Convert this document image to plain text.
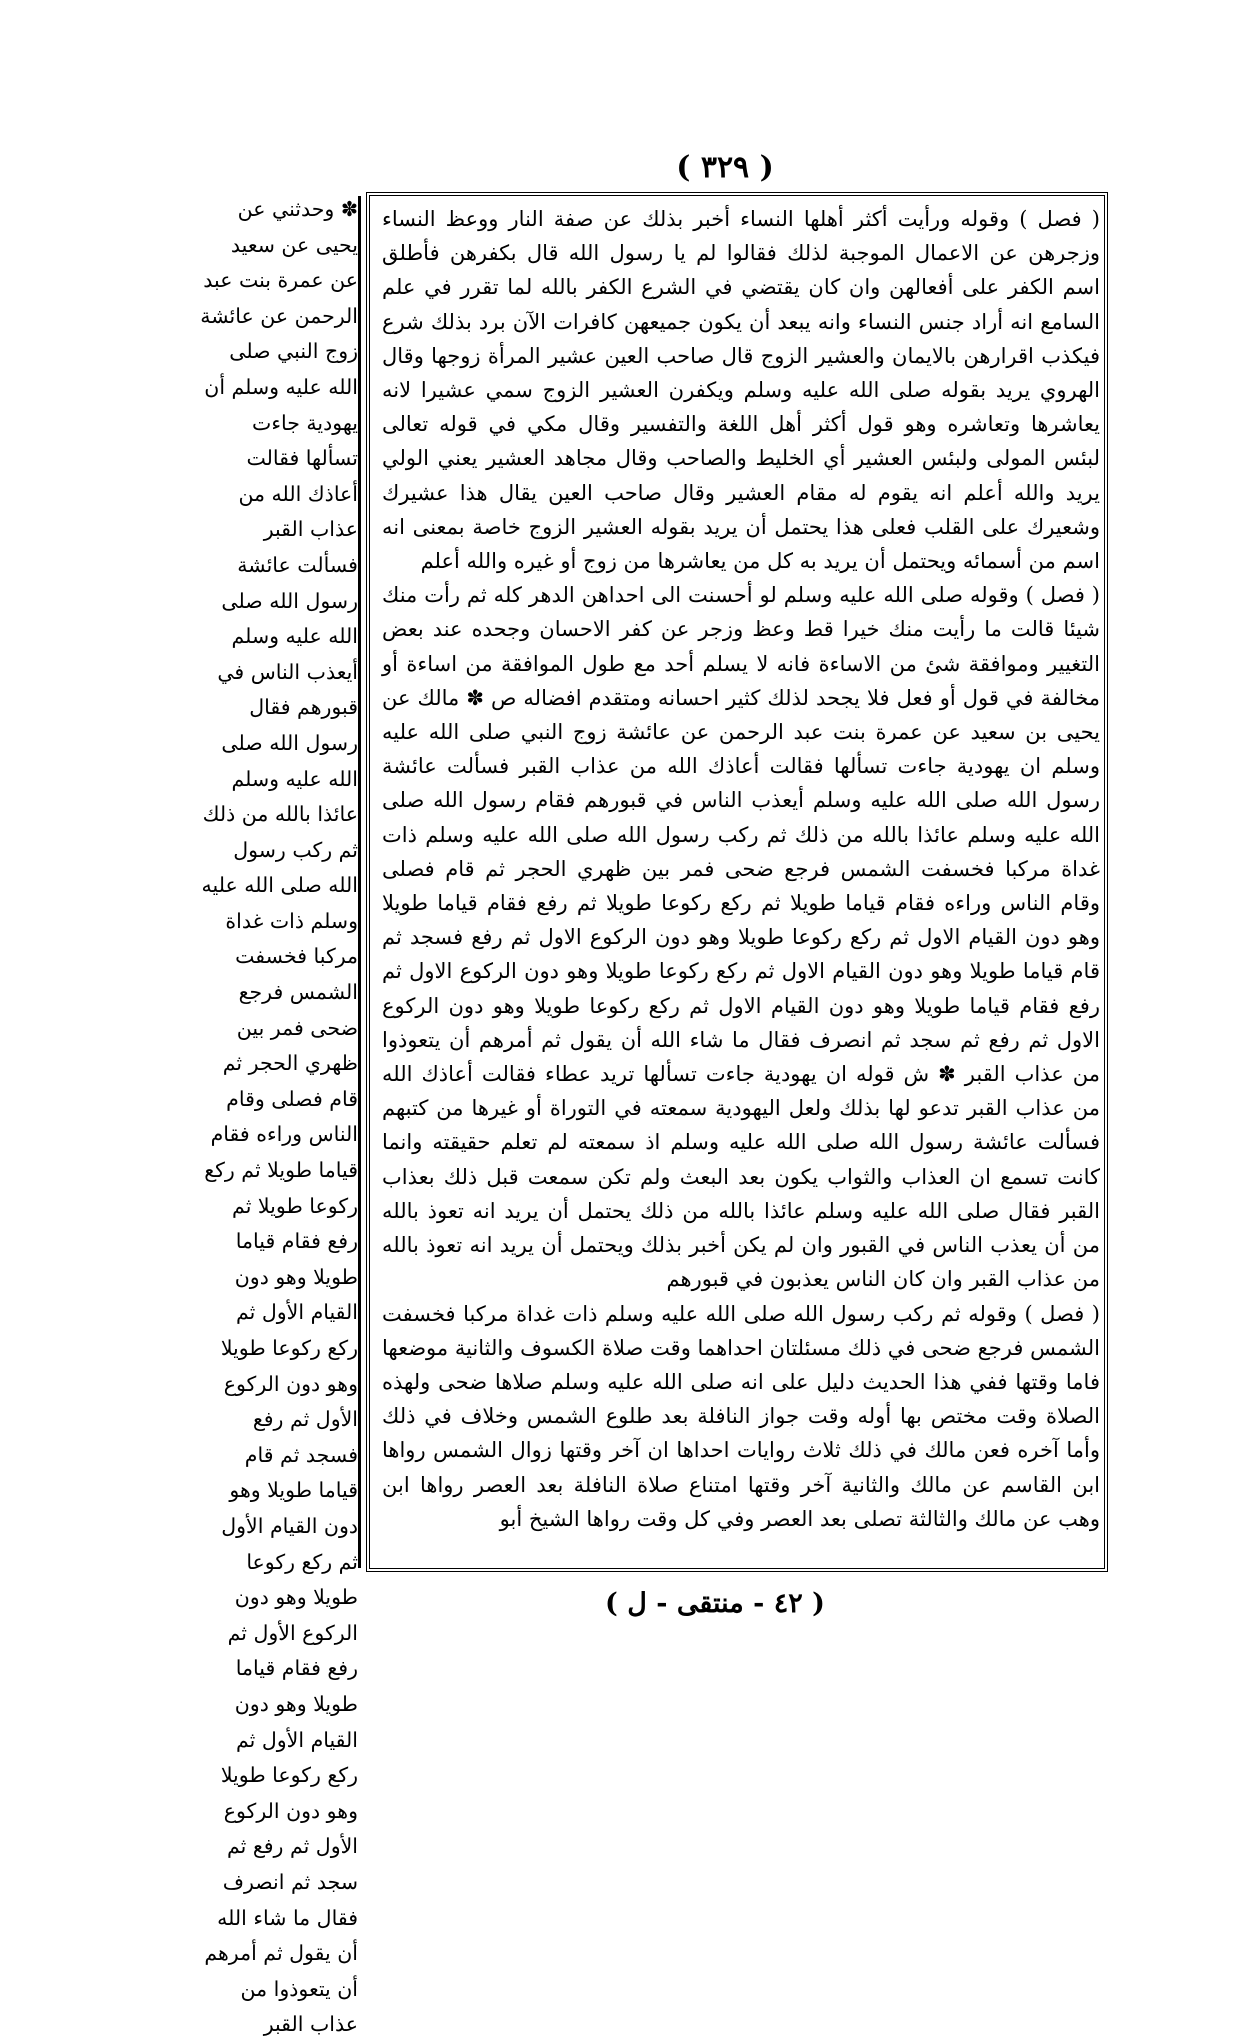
( ٣٢٩ )

( فصل ) وقوله ورأيت أكثر أهلها النساء أخبر بذلك عن صفة النار ووعظ النساء وزجرهن عن الاعمال الموجبة لذلك فقالوا لم يا رسول الله قال بكفرهن فأطلق اسم الكفر على أفعالهن وان كان يقتضي في الشرع الكفر بالله لما تقرر في علم السامع انه أراد جنس النساء وانه يبعد أن يكون جميعهن كافرات الآن برد بذلك شرع فيكذب اقرارهن بالايمان والعشير الزوج قال صاحب العين عشير المرأة زوجها وقال الهروي يريد بقوله صلى الله عليه وسلم ويكفرن العشير الزوج سمي عشيرا لانه يعاشرها وتعاشره وهو قول أكثر أهل اللغة والتفسير وقال مكي في قوله تعالى لبئس المولى ولبئس العشير أي الخليط والصاحب وقال مجاهد العشير يعني الولي يريد والله أعلم انه يقوم له مقام العشير وقال صاحب العين يقال هذا عشيرك وشعيرك على القلب فعلى هذا يحتمل أن يريد بقوله العشير الزوج خاصة بمعنى انه اسم من أسمائه ويحتمل أن يريد به كل من يعاشرها من زوج أو غيره والله أعلم

( فصل ) وقوله صلى الله عليه وسلم لو أحسنت الى احداهن الدهر كله ثم رأت منك شيئا قالت ما رأيت منك خيرا قط وعظ وزجر عن كفر الاحسان وجحده عند بعض التغيير وموافقة شئ من الاساءة فانه لا يسلم أحد مع طول الموافقة من اساءة أو مخالفة في قول أو فعل فلا يجحد لذلك كثير احسانه ومتقدم افضاله ص ✽ مالك عن يحيى بن سعيد عن عمرة بنت عبد الرحمن عن عائشة زوج النبي صلى الله عليه وسلم ان يهودية جاءت تسألها فقالت أعاذك الله من عذاب القبر فسألت عائشة رسول الله صلى الله عليه وسلم أيعذب الناس في قبورهم فقام رسول الله صلى الله عليه وسلم عائذا بالله من ذلك ثم ركب رسول الله صلى الله عليه وسلم ذات غداة مركبا فخسفت الشمس فرجع ضحى فمر بين ظهري الحجر ثم قام فصلى وقام الناس وراءه فقام قياما طويلا ثم ركع ركوعا طويلا ثم رفع فقام قياما طويلا وهو دون القيام الاول ثم ركع ركوعا طويلا وهو دون الركوع الاول ثم رفع فسجد ثم قام قياما طويلا وهو دون القيام الاول ثم ركع ركوعا طويلا وهو دون الركوع الاول ثم رفع فقام قياما طويلا وهو دون القيام الاول ثم ركع ركوعا طويلا وهو دون الركوع الاول ثم رفع ثم سجد ثم انصرف فقال ما شاء الله أن يقول ثم أمرهم أن يتعوذوا من عذاب القبر ✽ ش قوله ان يهودية جاءت تسألها تريد عطاء فقالت أعاذك الله من عذاب القبر تدعو لها بذلك ولعل اليهودية سمعته في التوراة أو غيرها من كتبهم فسألت عائشة رسول الله صلى الله عليه وسلم اذ سمعته لم تعلم حقيقته وانما كانت تسمع ان العذاب والثواب يكون بعد البعث ولم تكن سمعت قبل ذلك بعذاب القبر فقال صلى الله عليه وسلم عائذا بالله من ذلك يحتمل أن يريد انه تعوذ بالله من أن يعذب الناس في القبور وان لم يكن أخبر بذلك ويحتمل أن يريد انه تعوذ بالله من عذاب القبر وان كان الناس يعذبون في قبورهم

( فصل ) وقوله ثم ركب رسول الله صلى الله عليه وسلم ذات غداة مركبا فخسفت الشمس فرجع ضحى في ذلك مسئلتان احداهما وقت صلاة الكسوف والثانية موضعها فاما وقتها ففي هذا الحديث دليل على انه صلى الله عليه وسلم صلاها ضحى ولهذه الصلاة وقت مختص بها أوله وقت جواز النافلة بعد طلوع الشمس وخلاف في ذلك وأما آخره فعن مالك في ذلك ثلاث روايات احداها ان آخر وقتها زوال الشمس رواها ابن القاسم عن مالك والثانية آخر وقتها امتناع صلاة النافلة بعد العصر رواها ابن وهب عن مالك والثالثة تصلى بعد العصر وفي كل وقت رواها الشيخ أبو

✽ وحدثني عن يحيى عن سعيد عن عمرة بنت عبد الرحمن عن عائشة زوج النبي صلى الله عليه وسلم أن يهودية جاءت تسألها فقالت أعاذك الله من عذاب القبر فسألت عائشة رسول الله صلى الله عليه وسلم أيعذب الناس في قبورهم فقال رسول الله صلى الله عليه وسلم عائذا بالله من ذلك ثم ركب رسول الله صلى الله عليه وسلم ذات غداة مركبا فخسفت الشمس فرجع ضحى فمر بين ظهري الحجر ثم قام فصلى وقام الناس وراءه فقام قياما طويلا ثم ركع ركوعا طويلا ثم رفع فقام قياما طويلا وهو دون القيام الأول ثم ركع ركوعا طويلا وهو دون الركوع الأول ثم رفع فسجد ثم قام قياما طويلا وهو دون القيام الأول ثم ركع ركوعا طويلا وهو دون الركوع الأول ثم رفع فقام قياما طويلا وهو دون القيام الأول ثم ركع ركوعا طويلا وهو دون الركوع الأول ثم رفع ثم سجد ثم انصرف فقال ما شاء الله أن يقول ثم أمرهم أن يتعوذوا من عذاب القبر

( ٤٢ - منتقى - ل )
